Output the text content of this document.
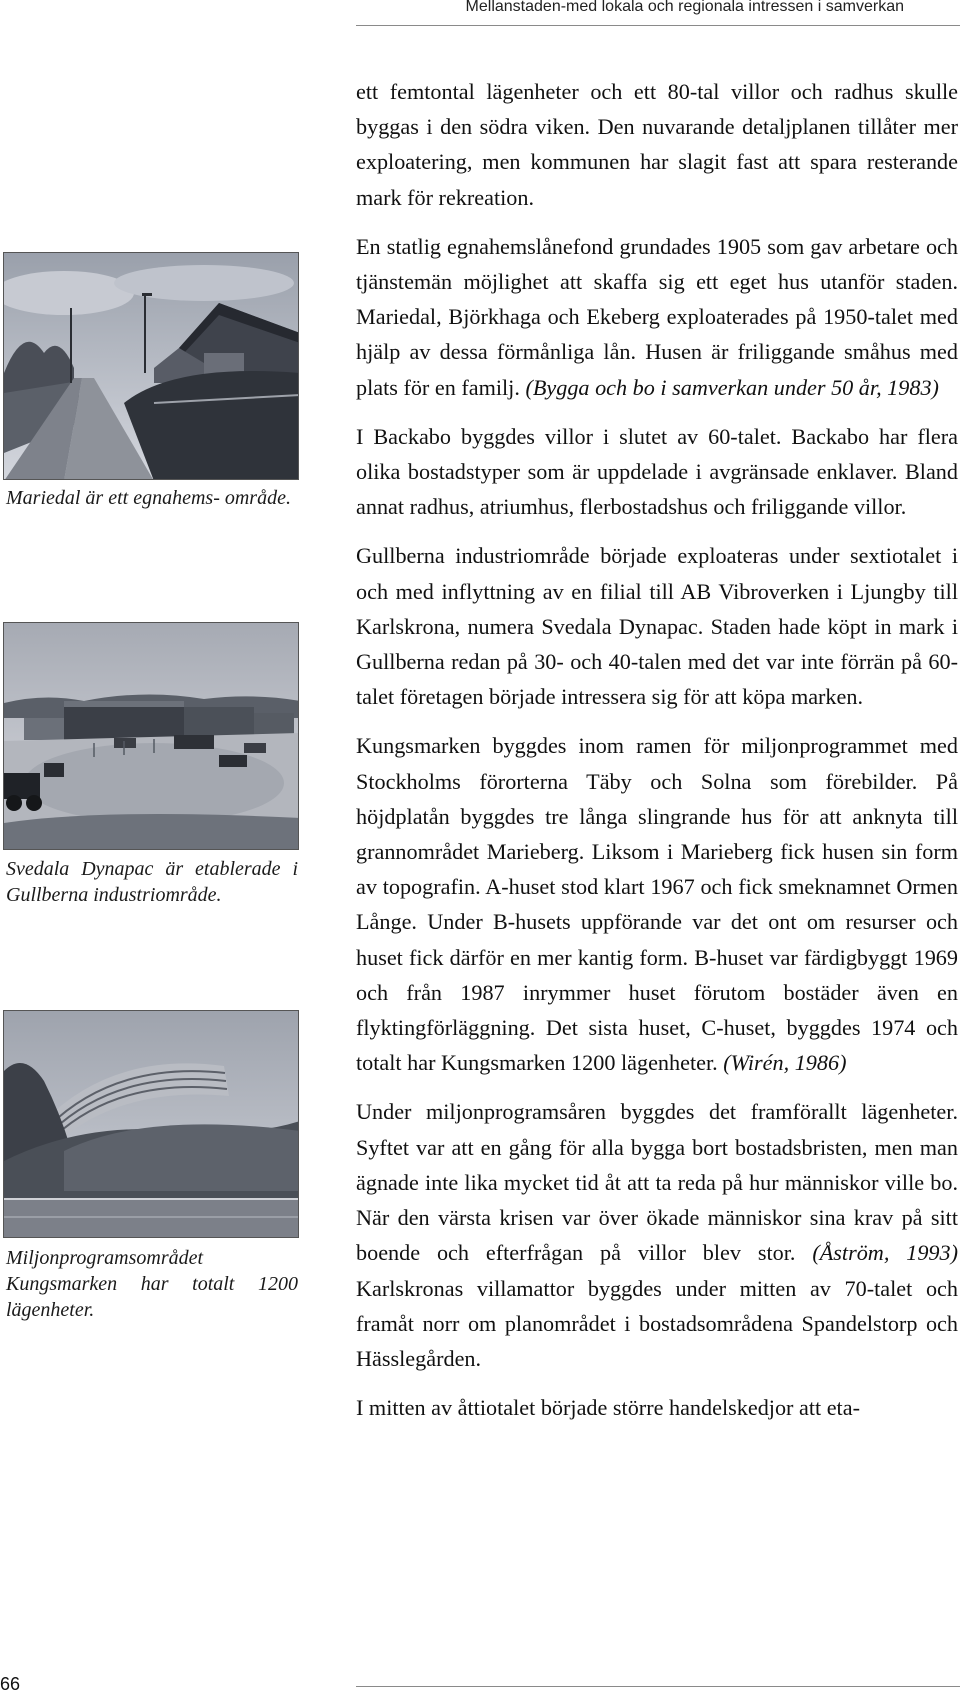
Mellanstaden-med lokala och regionala intressen i samverkan
Mariedal är ett egnahems- område.
Svedala Dynapac är etablerade i Gullberna industriområde.
Miljonprogramsområdet Kungsmarken har totalt 1200 lägenheter.

ett femtontal lägenheter och ett 80-tal villor och radhus skulle byggas i den södra viken. Den nuvarande detaljplanen tillåter mer exploatering, men kommunen har slagit fast att spara resterande mark för rekreation.

En statlig egnahemslånefond grundades 1905 som gav arbetare och tjänstemän möjlighet att skaffa sig ett eget hus utanför staden. Mariedal, Björkhaga och Ekeberg exploaterades på 1950-talet med hjälp av dessa förmånliga lån. Husen är friliggande småhus med plats för en familj. (Bygga och bo i samverkan under 50 år, 1983)

I Backabo byggdes villor i slutet av 60-talet. Backabo har flera olika bostadstyper som är uppdelade i avgränsade enklaver. Bland annat radhus, atriumhus, flerbostadshus och friliggande villor.

Gullberna industriområde började exploateras under sextiotalet i och med inflyttning av en filial till AB Vibroverken i Ljungby till Karlskrona, numera Svedala Dynapac. Staden hade köpt in mark i Gullberna redan på 30- och 40-talen med det var inte förrän på 60-talet företagen började intressera sig för att köpa marken.

Kungsmarken byggdes inom ramen för miljonprogrammet med Stockholms förorterna Täby och Solna som förebilder. På höjdplatån byggdes tre långa slingrande hus för att anknyta till grannområdet Marieberg. Liksom i Marieberg fick husen sin form av topografin. A-huset stod klart 1967 och fick smeknamnet Ormen Långe. Under B-husets uppförande var det ont om resurser och huset fick därför en mer kantig form. B-huset var färdigbyggt 1969 och från 1987 inrymmer huset förutom bostäder även en flyktingförläggning. Det sista huset, C-huset, byggdes 1974 och totalt har Kungsmarken 1200 lägenheter. (Wirén, 1986)

Under miljonprogramsåren byggdes det framförallt lägenheter. Syftet var att en gång för alla bygga bort bostadsbristen, men man ägnade inte lika mycket tid åt att ta reda på hur människor ville bo. När den värsta krisen var över ökade människor sina krav på sitt boende och efterfrågan på villor blev stor. (Åström, 1993) Karlskronas villamattor byggdes under mitten av 70-talet och framåt norr om planområdet i bostadsområdena Spandelstorp och Hässlegården.

I mitten av åttiotalet började större handelskedjor att eta-

66
